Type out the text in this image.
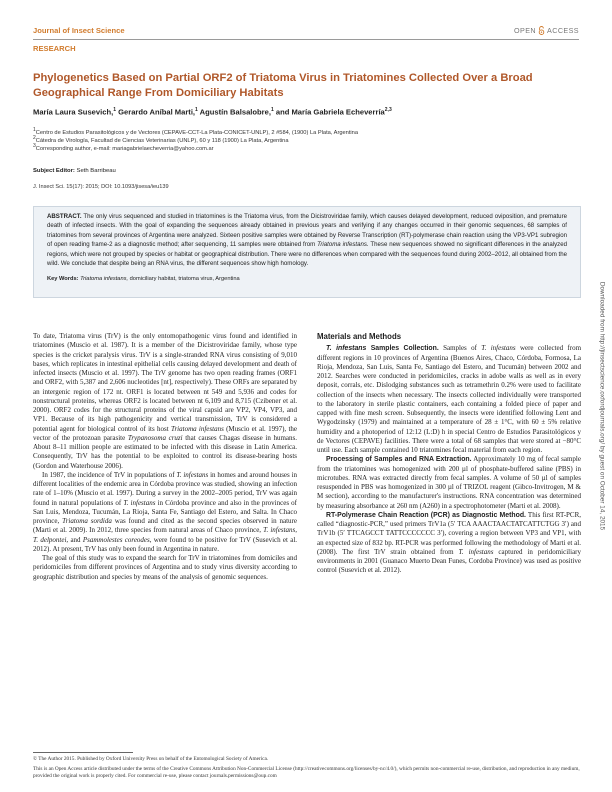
Journal of Insect Science	OPEN ACCESS
RESEARCH
Phylogenetics Based on Partial ORF2 of Triatoma Virus in Triatomines Collected Over a Broad Geographical Range From Domiciliary Habitats
María Laura Susevich,$^1$ Gerardo Aníbal Marti,$^1$ Agustín Balsalobre,$^1$ and María Gabriela Echeverría$^{2,3}$
$^1$Centro de Estudios Parasitológicos y de Vectores (CEPAVE-CCT-La Plata-CONICET-UNLP), 2 #584, (1900) La Plata, Argentina
$^2$Cátedra de Virología, Facultad de Ciencias Veterinarias (UNLP), 60 y 118 (1900) La Plata, Argentina
$^3$Corresponding author, e-mail: mariagabrielaecheverria@yahoo.com.ar
Subject Editor: Seth Barribeau
J. Insect Sci. 15(17): 2015; DOI: 10.1093/jisesa/ieu139
ABSTRACT. The only virus sequenced and studied in triatomines is the Triatoma virus, from the Dicistroviridae family, which causes delayed development, reduced oviposition, and premature death of infected insects. With the goal of expanding the sequences already obtained in previous years and verifying if any changes occurred in their genomic sequences, 68 samples of triatomines from several provinces of Argentina were analyzed. Sixteen positive samples were obtained by Reverse Transcription (RT)-polymerase chain reaction using the VP3-VP1 subregion of open reading frame-2 as a diagnostic method; after sequencing, 11 samples were obtained from Triatoma infestans. These new sequences showed no significant differences in the analyzed regions, which were not grouped by species or habitat or geographical distribution. There were no differences when compared with the sequences found during 2002–2012, all obtained from the wild. We conclude that despite being an RNA virus, the different sequences show high homology.
Key Words: Triatoma infestans, domiciliary habitat, triatoma virus, Argentina

To date, Triatoma virus (TrV) is the only entomopathogenic virus found and identified in triatomines (Muscio et al. 1987). It is a member of the Dicistroviridae family, whose type species is the cricket paralysis virus. TrV is a single-stranded RNA virus consisting of 9,010 bases, which replicates in intestinal epithelial cells causing delayed development and death of infected insects (Muscio et al. 1997). The TrV genome has two open reading frames (ORF1 and ORF2, with 5,387 and 2,606 nucleotides [nt], respectively). These ORFs are separated by an intergenic region of 172 nt. ORF1 is located between nt 549 and 5,936 and codes for nonstructural proteins, whereas ORF2 is located between nt 6,109 and 8,715 (Czibener et al. 2000). ORF2 codes for the structural proteins of the viral capsid are VP2, VP4, VP3, and VP1. Because of its high pathogenicity and vertical transmission, TrV is considered a potential agent for biological control of its host Triatoma infestans (Muscio et al. 1997), the vector of the protozoan parasite Trypanosoma cruzi that causes Chagas disease in humans. About 8–11 million people are estimated to be infected with this disease in Latin America. Consequently, TrV has the potential to be exploited to control its disease-bearing hosts (Gordon and Waterhouse 2006).

In 1987, the incidence of TrV in populations of T. infestans in homes and around houses in different localities of the endemic area in Córdoba province was studied, showing an infection rate of 1–10% (Muscio et al. 1997). During a survey in the 2002–2005 period, TrV was again found in natural populations of T. infestans in Córdoba province and also in the provinces of San Luis, Mendoza, Tucumán, La Rioja, Santa Fe, Santiago del Estero, and Salta. In Chaco province, Triatoma sordida was found and cited as the second species observed in nature (Marti et al. 2009). In 2012, three species from natural areas of Chaco province, T. infestans, T. delpontei, and Psammolestes coreodes, were found to be positive for TrV (Susevich et al. 2012). At present, TrV has only been found in Argentina in nature.

The goal of this study was to expand the search for TrV in triatomines from domiciles and peridomiciles from different provinces of Argentina and to study virus diversity according to geographic distribution and species by means of the analysis of genomic sequences.

Materials and Methods

T. infestans Samples Collection. Samples of T. infestans were collected from different regions in 10 provinces of Argentina (Buenos Aires, Chaco, Córdoba, Formosa, La Rioja, Mendoza, San Luis, Santa Fe, Santiago del Estero, and Tucumán) between 2002 and 2012. Searches were conducted in peridomiciles, cracks in adobe walls as well as in every deposit, corrals, etc. Dislodging substances such as tetramethrin 0.2% were used to facilitate collection of the insects when necessary. The insects collected individually were transported to the laboratory in sterile plastic containers, each containing a folded piece of paper and capped with fine mesh screen. Subsequently, the insects were identified following Lent and Wygodzinsky (1979) and maintained at a temperature of 28 ± 1°C, with 60 ± 5% relative humidity and a photoperiod of 12:12 (L:D) h in special Centro de Estudios Parasitológicos y de Vectores (CEPAVE) facilities. There were a total of 68 samples that were stored at −80°C until use. Each sample contained 10 triatomines fecal material from each region.

Processing of Samples and RNA Extraction. Approximately 10 mg of fecal sample from the triatomines was homogenized with 200 µl of phosphate-buffered saline (PBS) in microtubes. RNA was extracted directly from fecal samples. A volume of 50 µl of samples resuspended in PBS was homogenized in 300 µl of TRIZOL reagent (Gibco-Invitrogen, M & M section), according to the manufacturer's instructions. RNA concentration was determined by measuring absorbance at 260 nm (A260) in a spectrophotometer (Marti et al. 2008).

RT-Polymerase Chain Reaction (PCR) as Diagnostic Method. This first RT-PCR, called “diagnostic-PCR,” used primers TrV1a (5′ TCA AAACTAACTATCATTCTGG 3′) and TrV1b (5′ TTCAGCCT TATTCCCCCCC 3′), covering a region between VP3 and VP1, with an expected size of 832 bp. RT-PCR was performed following the methodology of Marti et al. (2008). The first TrV strain obtained from T. infestans captured in peridomiciliary environments in 2001 (Guanaco Muerto Dean Funes, Cordoba Province) was used as positive control (Susevich et al. 2012).

© The Author 2015. Published by Oxford University Press on behalf of the Entomological Society of America.
This is an Open Access article distributed under the terms of the Creative Commons Attribution Non-Commercial License (http://creativecommons.org/licenses/by-nc/4.0/), which permits non-commercial re-use, distribution, and reproduction in any medium, provided the original work is properly cited. For commercial re-use, please contact journals.permissions@oup.com
Downloaded from http://jinsectscience.oxfordjournals.org/ by guest on October 14, 2015
